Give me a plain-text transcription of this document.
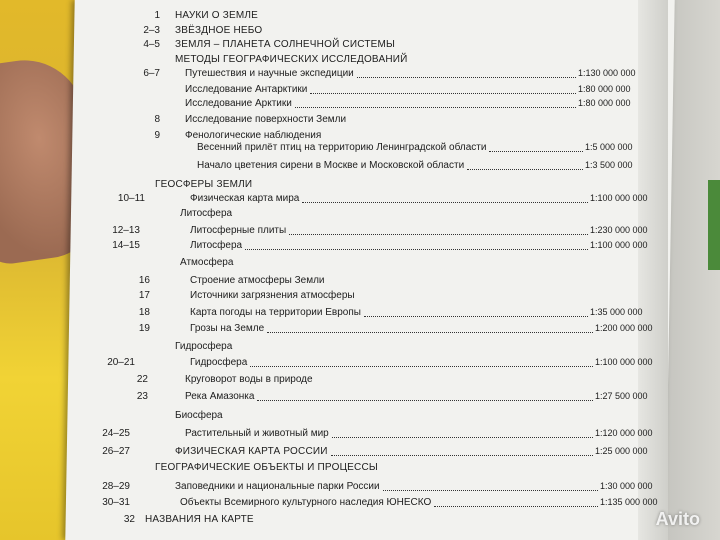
Avito
1 НАУКИ О ЗЕМЛЕ
2–3 ЗВЁЗДНОЕ НЕБО
4–5 ЗЕМЛЯ – ПЛАНЕТА СОЛНЕЧНОЙ СИСТЕМЫ
МЕТОДЫ ГЕОГРАФИЧЕСКИХ ИССЛЕДОВАНИЙ
6–7	Путешествия и научные экспедиции	1:130 000 000
Исследование Антарктики	1:80 000 000
Исследование Арктики	1:80 000 000
8	Исследование поверхности Земли
9	Фенологические наблюдения
Весенний прилёт птиц на территорию Ленинградской области	1:5 000 000
Начало цветения сирени в Москве и Московской области	1:3 500 000
ГЕОСФЕРЫ ЗЕМЛИ
10–11	Физическая карта мира	1:100 000 000
Литосфера
12–13	Литосферные плиты	1:230 000 000
14–15	Литосфера	1:100 000 000
Атмосфера
16	Строение атмосферы Земли
17	Источники загрязнения атмосферы
18	Карта погоды на территории Европы	1:35 000 000
19	Грозы на Земле	1:200 000 000
Гидросфера
20–21	Гидросфера	1:100 000 000
22	Круговорот воды в природе
23	Река Амазонка	1:27 500 000
Биосфера
24–25	Растительный и животный мир	1:120 000 000
26–27	ФИЗИЧЕСКАЯ КАРТА РОССИИ	1:25 000 000
ГЕОГРАФИЧЕСКИЕ ОБЪЕКТЫ И ПРОЦЕССЫ
28–29	Заповедники и национальные парки России	1:30 000 000
30–31	Объекты Всемирного культурного наследия ЮНЕСКО	1:135 000 000
32 НАЗВАНИЯ НА КАРТЕ
